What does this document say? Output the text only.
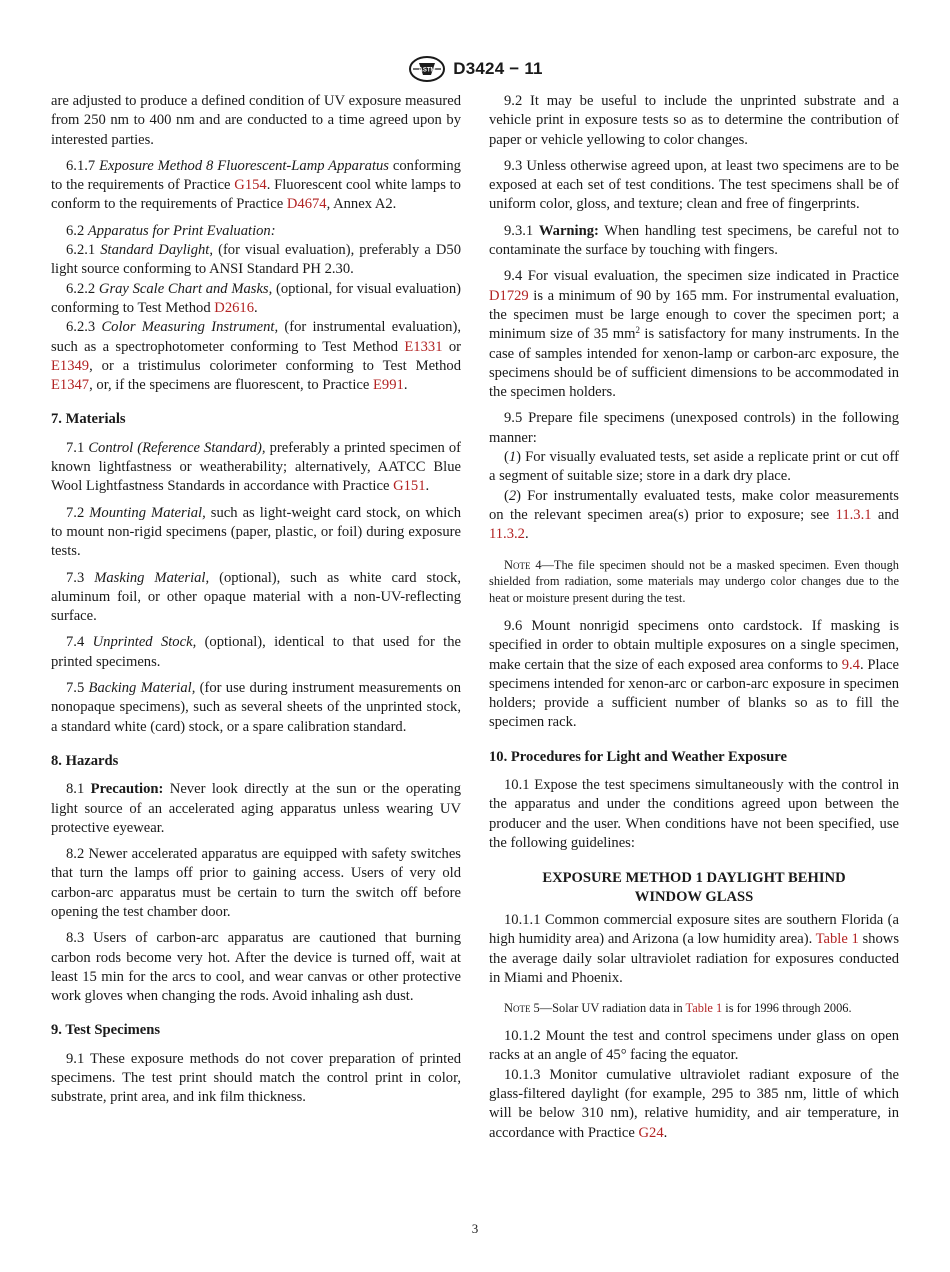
ASTM D3424 − 11

are adjusted to produce a defined condition of UV exposure measured from 250 nm to 400 nm and are conducted to a time agreed upon by interested parties.

6.1.7 Exposure Method 8 Fluorescent-Lamp Apparatus conforming to the requirements of Practice G154. Fluorescent cool white lamps to conform to the requirements of Practice D4674, Annex A2.

6.2 Apparatus for Print Evaluation:

6.2.1 Standard Daylight, (for visual evaluation), preferably a D50 light source conforming to ANSI Standard PH 2.30.

6.2.2 Gray Scale Chart and Masks, (optional, for visual evaluation) conforming to Test Method D2616.

6.2.3 Color Measuring Instrument, (for instrumental evaluation), such as a spectrophotometer conforming to Test Method E1331 or E1349, or a tristimulus colorimeter conforming to Test Method E1347, or, if the specimens are fluorescent, to Practice E991.

7. Materials

7.1 Control (Reference Standard), preferably a printed specimen of known lightfastness or weatherability; alternatively, AATCC Blue Wool Lightfastness Standards in accordance with Practice G151.

7.2 Mounting Material, such as light-weight card stock, on which to mount non-rigid specimens (paper, plastic, or foil) during exposure tests.

7.3 Masking Material, (optional), such as white card stock, aluminum foil, or other opaque material with a non-UV-reflecting surface.

7.4 Unprinted Stock, (optional), identical to that used for the printed specimens.

7.5 Backing Material, (for use during instrument measurements on nonopaque specimens), such as several sheets of the unprinted stock, a standard white (card) stock, or a spare calibration standard.

8. Hazards

8.1 Precaution: Never look directly at the sun or the operating light source of an accelerated aging apparatus unless wearing UV protective eyewear.

8.2 Newer accelerated apparatus are equipped with safety switches that turn the lamps off prior to gaining access. Users of very old carbon-arc apparatus must be certain to turn the switch off before opening the test chamber door.

8.3 Users of carbon-arc apparatus are cautioned that burning carbon rods become very hot. After the device is turned off, wait at least 15 min for the arcs to cool, and wear canvas or other protective work gloves when changing the rods. Avoid inhaling ash dust.

9. Test Specimens

9.1 These exposure methods do not cover preparation of printed specimens. The test print should match the control print in color, substrate, print area, and ink film thickness.

9.2 It may be useful to include the unprinted substrate and a vehicle print in exposure tests so as to determine the contribution of paper or vehicle yellowing to color changes.

9.3 Unless otherwise agreed upon, at least two specimens are to be exposed at each set of test conditions. The test specimens shall be of uniform color, gloss, and texture; clean and free of fingerprints.

9.3.1 Warning: When handling test specimens, be careful not to contaminate the surface by touching with fingers.

9.4 For visual evaluation, the specimen size indicated in Practice D1729 is a minimum of 90 by 165 mm. For instrumental evaluation, the specimen must be large enough to cover the specimen port; a minimum size of 35 $mm^2$ is satisfactory for many instruments. In the case of samples intended for xenon-lamp or carbon-arc exposure, the specimens should be of sufficient dimensions to be accommodated in the specimen holders.

9.5 Prepare file specimens (unexposed controls) in the following manner:

(1) For visually evaluated tests, set aside a replicate print or cut off a segment of suitable size; store in a dark dry place.

(2) For instrumentally evaluated tests, make color measurements on the relevant specimen area(s) prior to exposure; see 11.3.1 and 11.3.2.

Note 4—The file specimen should not be a masked specimen. Even though shielded from radiation, some materials may undergo color changes due to the heat or moisture present during the test.

9.6 Mount nonrigid specimens onto cardstock. If masking is specified in order to obtain multiple exposures on a single specimen, make certain that the size of each exposed area conforms to 9.4. Place specimens intended for xenon-arc or carbon-arc exposure in specimen holders; provide a sufficient number of blanks so as to fill the specimen rack.

10. Procedures for Light and Weather Exposure

10.1 Expose the test specimens simultaneously with the control in the apparatus and under the conditions agreed upon between the producer and the user. When conditions have not been specified, use the following guidelines:

EXPOSURE METHOD 1 DAYLIGHT BEHIND
WINDOW GLASS

10.1.1 Common commercial exposure sites are southern Florida (a high humidity area) and Arizona (a low humidity area). Table 1 shows the average daily solar ultraviolet radiation for exposures conducted in Miami and Phoenix.

Note 5—Solar UV radiation data in Table 1 is for 1996 through 2006.

10.1.2 Mount the test and control specimens under glass on open racks at an angle of 45° facing the equator.

10.1.3 Monitor cumulative ultraviolet radiant exposure of the glass-filtered daylight (for example, 295 to 385 nm, little of which will be below 310 nm), relative humidity, and air temperature, in accordance with Practice G24.

3
